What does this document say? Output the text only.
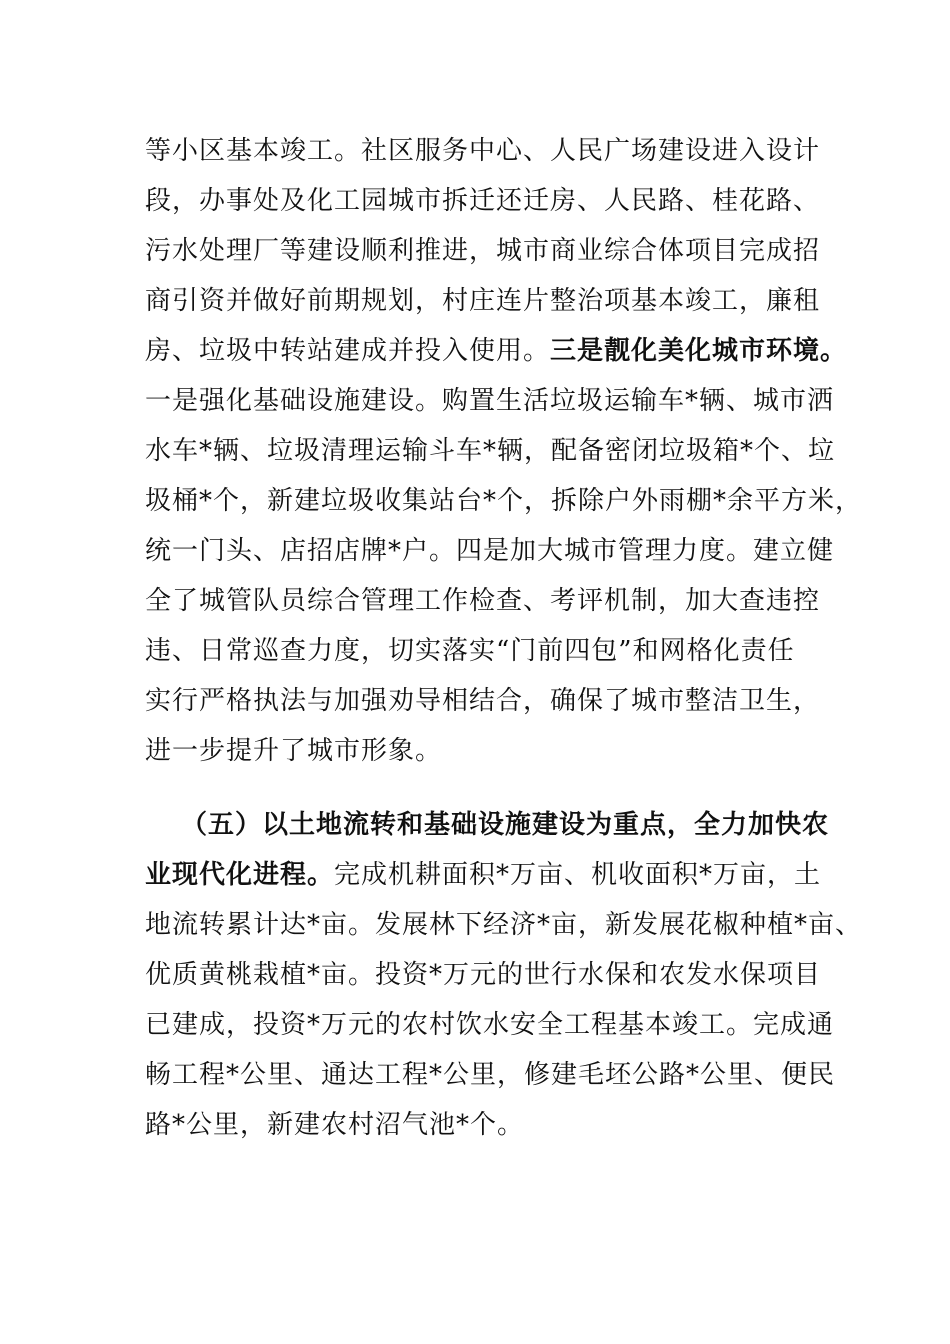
等小区基本竣工。社区服务中心、人民广场建设进入设计
段，办事处及化工园城市拆迁还迁房、人民路、桂花路、
污水处理厂等建设顺利推进，城市商业综合体项目完成招
商引资并做好前期规划，村庄连片整治项基本竣工，廉租
房、垃圾中转站建成并投入使用。三是靓化美化城市环境。
一是强化基础设施建设。购置生活垃圾运输车*辆、城市洒
水车*辆、垃圾清理运输斗车*辆，配备密闭垃圾箱*个、垃
圾桶*个，新建垃圾收集站台*个，拆除户外雨棚*余平方米，
统一门头、店招店牌*户。四是加大城市管理力度。建立健
全了城管队员综合管理工作检查、考评机制，加大查违控
违、日常巡查力度，切实落实“门前四包”和网格化责任
实行严格执法与加强劝导相结合，确保了城市整洁卫生，
进一步提升了城市形象。
（五）以土地流转和基础设施建设为重点，全力加快农
业现代化进程。完成机耕面积*万亩、机收面积*万亩，土
地流转累计达*亩。发展林下经济*亩，新发展花椒种植*亩、
优质黄桃栽植*亩。投资*万元的世行水保和农发水保项目
已建成，投资*万元的农村饮水安全工程基本竣工。完成通
畅工程*公里、通达工程*公里，修建毛坯公路*公里、便民
路*公里，新建农村沼气池*个。
